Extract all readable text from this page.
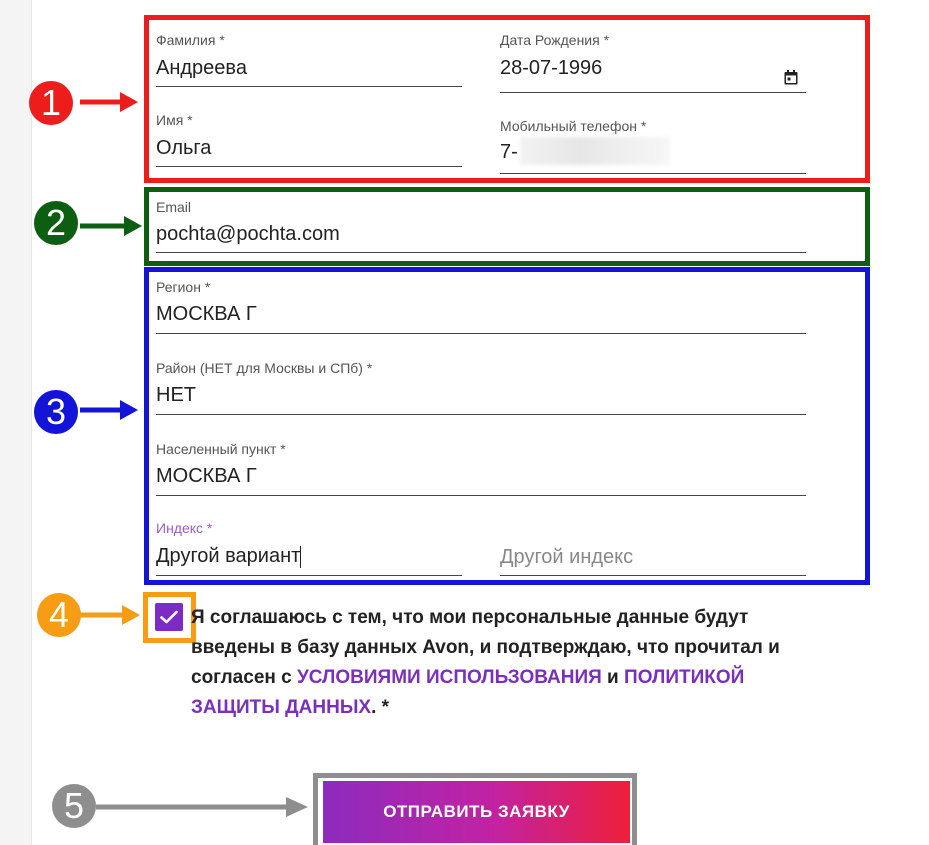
Фамилия *
Андреева
Дата Рождения *
28-07-1996
Имя *
Ольга
Мобильный телефон *
7-
Email
pochta@pochta.com
Регион *
МОСКВА Г
Район (НЕТ для Москвы и СПб) *
НЕТ
Населенный пункт *
МОСКВА Г
Индекс *
Другой вариант	Другой индекс
Я соглашаюсь с тем, что мои персональные данные будут введены в базу данных Avon, и подтверждаю, что прочитал и согласен с УСЛОВИЯМИ ИСПОЛЬЗОВАНИЯ и ПОЛИТИКОЙ ЗАЩИТЫ ДАННЫХ. *
ОТПРАВИТЬ ЗАЯВКУ
1
2
3
4
5
